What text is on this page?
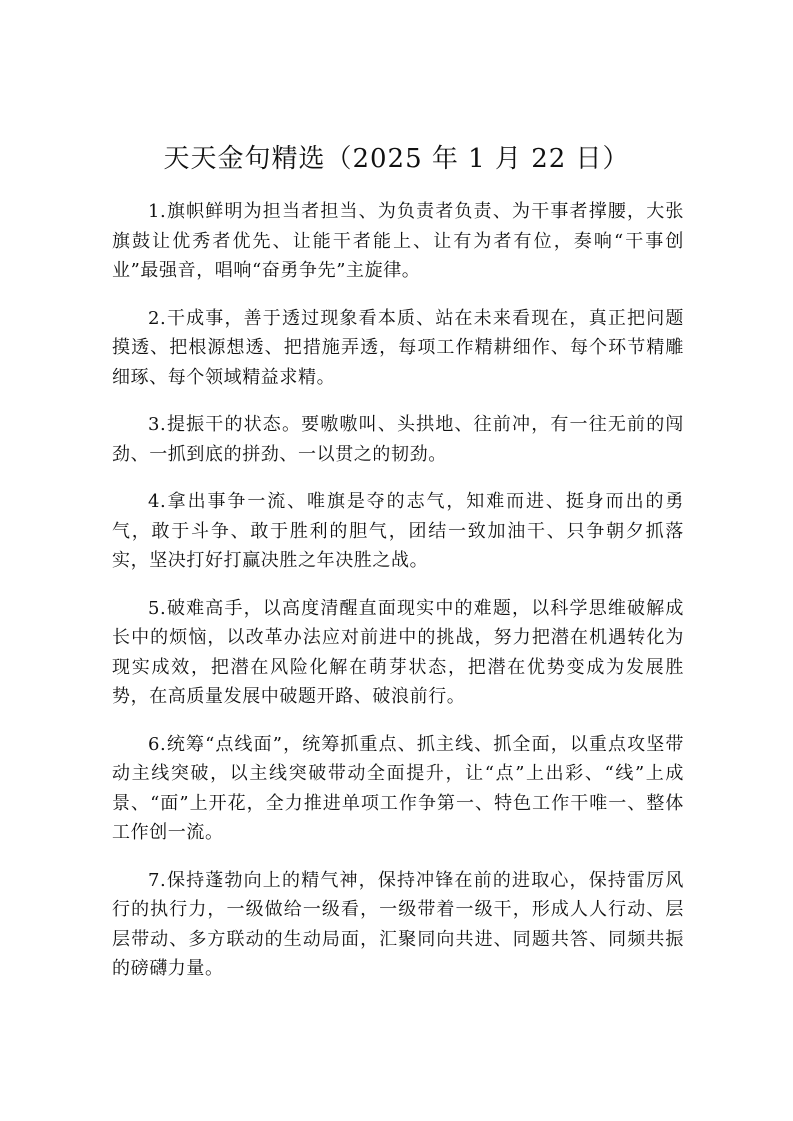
天天金句精选（2025 年 1 月 22 日）

1.旗帜鲜明为担当者担当、为负责者负责、为干事者撑腰，大张旗鼓让优秀者优先、让能干者能上、让有为者有位，奏响“干事创业”最强音，唱响“奋勇争先”主旋律。

2.干成事，善于透过现象看本质、站在未来看现在，真正把问题摸透、把根源想透、把措施弄透，每项工作精耕细作、每个环节精雕细琢、每个领域精益求精。

3.提振干的状态。要嗷嗷叫、头拱地、往前冲，有一往无前的闯劲、一抓到底的拼劲、一以贯之的韧劲。

4.拿出事争一流、唯旗是夺的志气，知难而进、挺身而出的勇气，敢于斗争、敢于胜利的胆气，团结一致加油干、只争朝夕抓落实，坚决打好打赢决胜之年决胜之战。

5.破难高手，以高度清醒直面现实中的难题，以科学思维破解成长中的烦恼，以改革办法应对前进中的挑战，努力把潜在机遇转化为现实成效，把潜在风险化解在萌芽状态，把潜在优势变成为发展胜势，在高质量发展中破题开路、破浪前行。

6.统筹“点线面”，统筹抓重点、抓主线、抓全面，以重点攻坚带动主线突破，以主线突破带动全面提升，让“点”上出彩、“线”上成景、“面”上开花，全力推进单项工作争第一、特色工作干唯一、整体工作创一流。

7.保持蓬勃向上的精气神，保持冲锋在前的进取心，保持雷厉风行的执行力，一级做给一级看，一级带着一级干，形成人人行动、层层带动、多方联动的生动局面，汇聚同向共进、同题共答、同频共振的磅礴力量。
